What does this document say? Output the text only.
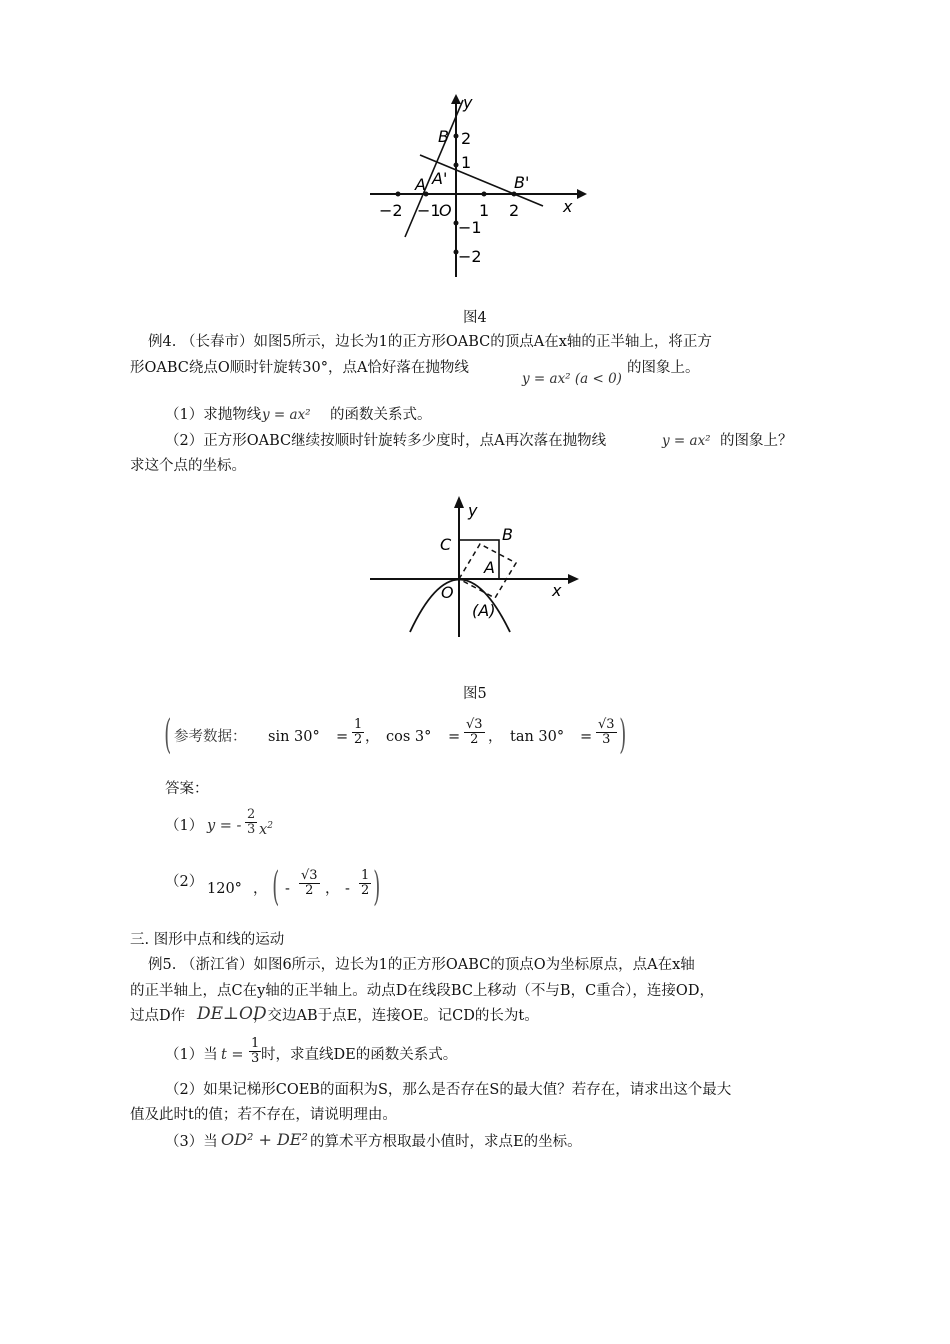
y
x
B 2
1
A A'	B'
−2 −1
O 1 2
−1
−2
图4
例4. （长春市）如图5所示，边长为1的正方形OABC的顶点A在x轴的正半轴上，将正方
形OABC绕点O顺时针旋转30°，点A恰好落在抛物线
y = ax² (a < 0)
的图象上。
（1）求抛物线 y = ax² 的函数关系式。
（2）正方形OABC继续按顺时针旋转多少度时，点A再次落在抛物线	y = ax² 的图象上？
求这个点的坐标。
y
x
C
B
A
O
(A)
图5
( 参考数据： $\sin 30^\circ = \frac{1}{2}$ ， $\cos 3^\circ = \frac{√3}{2}$ ， $\tan 30^\circ = \frac{√3}{3}$ )
答案：
（1） y = - $\frac{2}{3} x^2$
（2） 120° ， ( - $\frac{√3}{2}$ ， - $\frac{1}{2}$ )
三. 图形中点和线的运动
例5. （浙江省）如图6所示，边长为1的正方形OABC的顶点O为坐标原点，点A在x轴
的正半轴上，点C在y轴的正半轴上。动点D在线段BC上移动（不与B，C重合），连接OD，
过点D作 DE⊥OD
，交边AB于点E，连接OE。记CD的长为t。
（1）当 $t = \frac{1}{3}$ 时，求直线DE的函数关系式。
（2）如果记梯形COEB的面积为S，那么是否存在S的最大值？若存在，请求出这个最大
值及此时t的值；若不存在，请说明理由。
（3）当 OD² + DE² 的算术平方根取最小值时，求点E的坐标。
